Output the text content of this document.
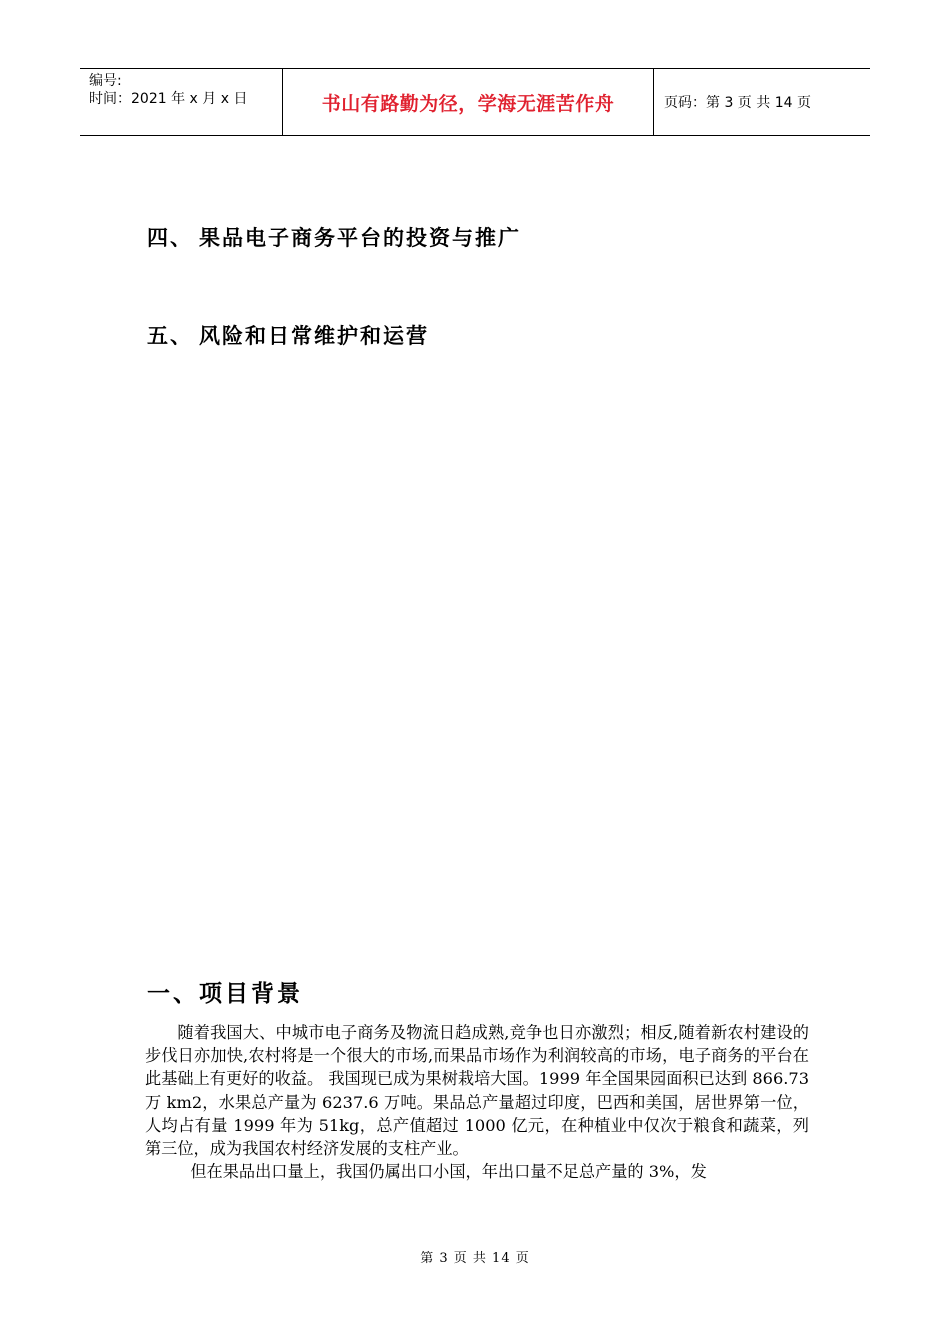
编号:
时间：2021 年 x 月 x 日	书山有路勤为径，学海无涯苦作舟	页码：第 3 页 共 14 页
四、 果品电子商务平台的投资与推广
五、 风险和日常维护和运营
一、项目背景

随着我国大、中城市电子商务及物流日趋成熟,竞争也日亦激烈；相反,随着新农村建设的步伐日亦加快,农村将是一个很大的市场,而果品市场作为利润较高的市场，电子商务的平台在此基础上有更好的收益。 我国现已成为果树栽培大国。1999 年全国果园面积已达到 866.73 万 km2，水果总产量为 6237.6 万吨。果品总产量超过印度，巴西和美国，居世界第一位，人均占有量 1999 年为 51kg，总产值超过 1000 亿元，在种植业中仅次于粮食和蔬菜，列第三位，成为我国农村经济发展的支柱产业。

但在果品出口量上，我国仍属出口小国，年出口量不足总产量的 3%，发

第 3 页 共 14 页
